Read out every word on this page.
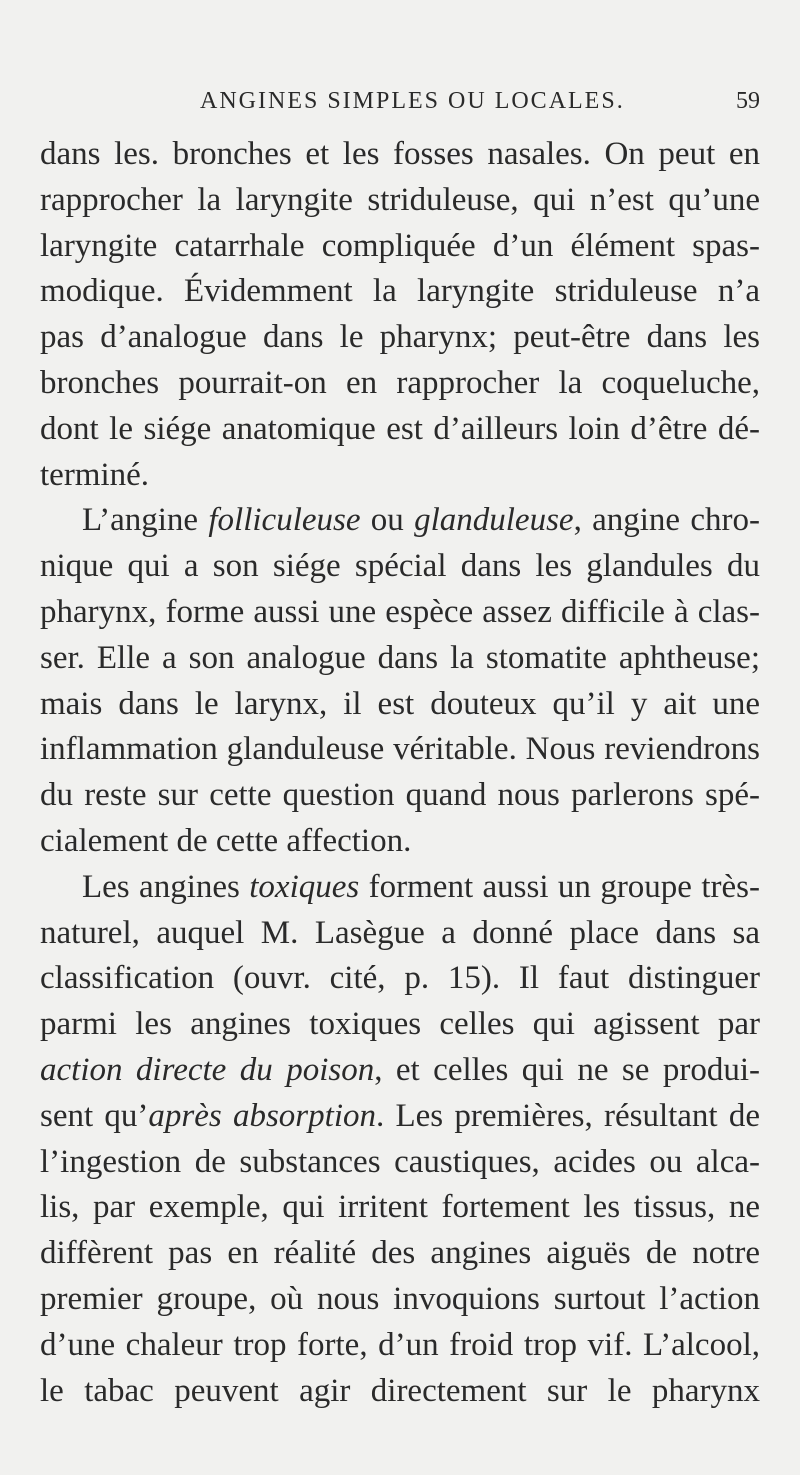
ANGINES SIMPLES OU LOCALES.	59
dans les. bronches et les fosses nasales. On peut en
rapprocher la laryngite striduleuse, qui n’est qu’une
laryngite catarrhale compliquée d’un élément spas-
modique. Évidemment la laryngite striduleuse n’a
pas d’analogue dans le pharynx; peut-être dans les
bronches pourrait-on en rapprocher la coqueluche,
dont le siége anatomique est d’ailleurs loin d’être dé-
terminé.
L’angine folliculeuse ou glanduleuse, angine chro-
nique qui a son siége spécial dans les glandules du
pharynx, forme aussi une espèce assez difficile à clas-
ser. Elle a son analogue dans la stomatite aphtheuse;
mais dans le larynx, il est douteux qu’il y ait une
inflammation glanduleuse véritable. Nous reviendrons
du reste sur cette question quand nous parlerons spé-
cialement de cette affection.
Les angines toxiques forment aussi un groupe très-
naturel, auquel M. Lasègue a donné place dans sa
classification (ouvr. cité, p. 15). Il faut distinguer
parmi les angines toxiques celles qui agissent par
action directe du poison, et celles qui ne se produi-
sent qu’après absorption. Les premières, résultant de
l’ingestion de substances caustiques, acides ou alca-
lis, par exemple, qui irritent fortement les tissus, ne
diffèrent pas en réalité des angines aiguës de notre
premier groupe, où nous invoquions surtout l’action
d’une chaleur trop forte, d’un froid trop vif. L’alcool,
le tabac peuvent agir directement sur le pharynx
